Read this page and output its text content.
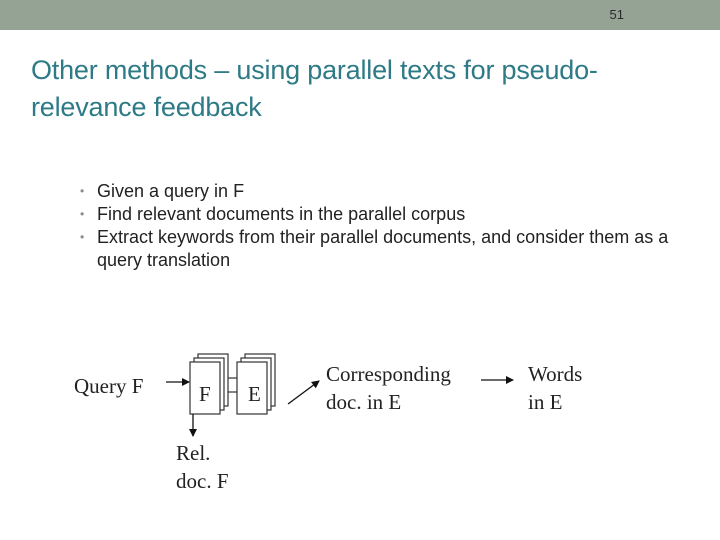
51
Other methods – using parallel texts for pseudo-relevance feedback
• Given a query in F
• Find relevant documents in the parallel corpus
• Extract keywords from their parallel documents, and consider them as a query translation
Query F	F E
Rel.
doc. F
Corresponding
doc. in E
Words
in E
